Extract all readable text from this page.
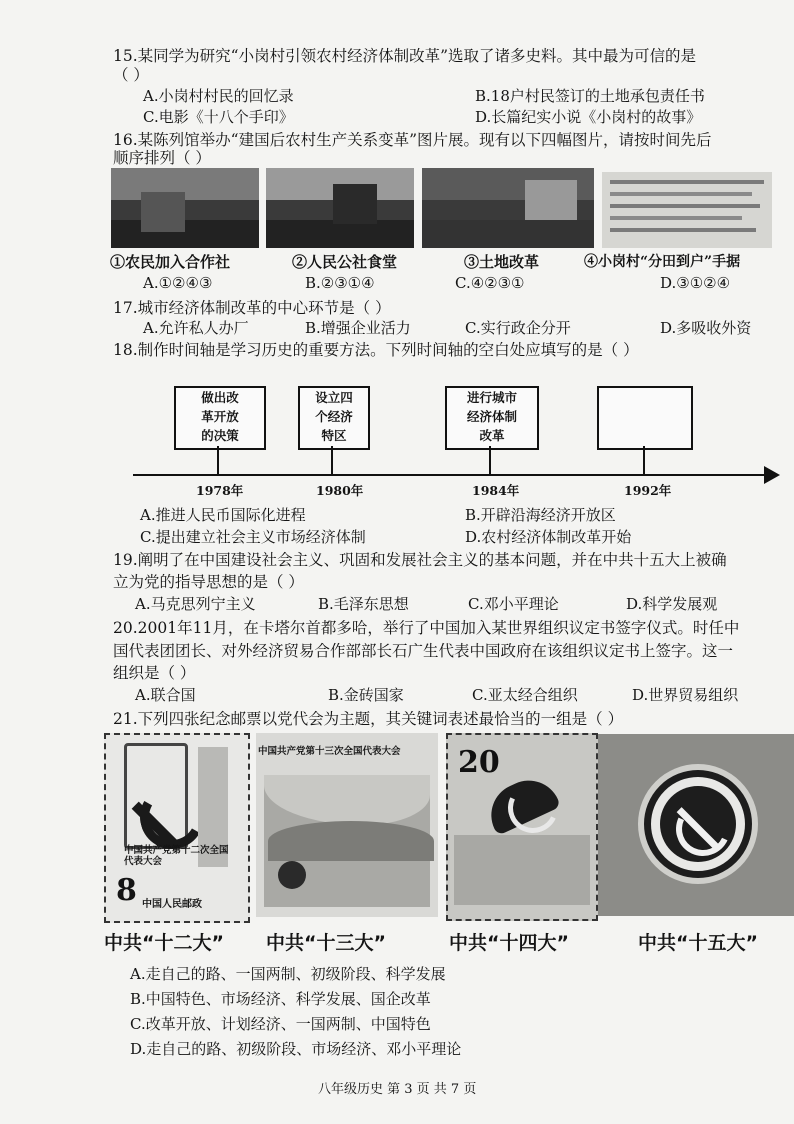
15.某同学为研究“小岗村引领农村经济体制改革”选取了诸多史料。其中最为可信的是
（ ）
A.小岗村村民的回忆录	B.18户村民签订的土地承包责任书
C.电影《十八个手印》	D.长篇纪实小说《小岗村的故事》
16.某陈列馆举办“建国后农村生产关系变革”图片展。现有以下四幅图片，请按时间先后
顺序排列（ ）
①农民加入合作社	②人民公社食堂	③土地改革	④小岗村“分田到户”手据
A.①②④③	B.②③①④	C.④②③①	D.③①②④
17.城市经济体制改革的中心环节是（ ）
A.允许私人办厂	B.增强企业活力	C.实行政企分开	D.多吸收外资
18.制作时间轴是学习历史的重要方法。下列时间轴的空白处应填写的是（ ）
做出改
革开放
的决策
设立四
个经济
特区
进行城市
经济体制
改革
1978年	1980年	1984年	1992年
A.推进人民币国际化进程	B.开辟沿海经济开放区
C.提出建立社会主义市场经济体制	D.农村经济体制改革开始
19.阐明了在中国建设社会主义、巩固和发展社会主义的基本问题，并在中共十五大上被确
立为党的指导思想的是（ ）
A.马克思列宁主义	B.毛泽东思想	C.邓小平理论	D.科学发展观
20.2001年11月，在卡塔尔首都多哈，举行了中国加入某世界组织议定书签字仪式。时任中
国代表团团长、对外经济贸易合作部部长石广生代表中国政府在该组织议定书上签字。这一
组织是（ ）
A.联合国	B.金砖国家	C.亚太经合组织	D.世界贸易组织
21.下列四张纪念邮票以党代会为主题，其关键词表述最恰当的一组是（ ）
中国共产党第十二次全国代表大会
8 中国人民邮政
中国共产党第十三次全国代表大会	20
中共“十二大” 中共“十三大”	中共“十四大”	中共“十五大”
A.走自己的路、一国两制、初级阶段、科学发展
B.中国特色、市场经济、科学发展、国企改革
C.改革开放、计划经济、一国两制、中国特色
D.走自己的路、初级阶段、市场经济、邓小平理论
八年级历史 第 3 页 共 7 页
